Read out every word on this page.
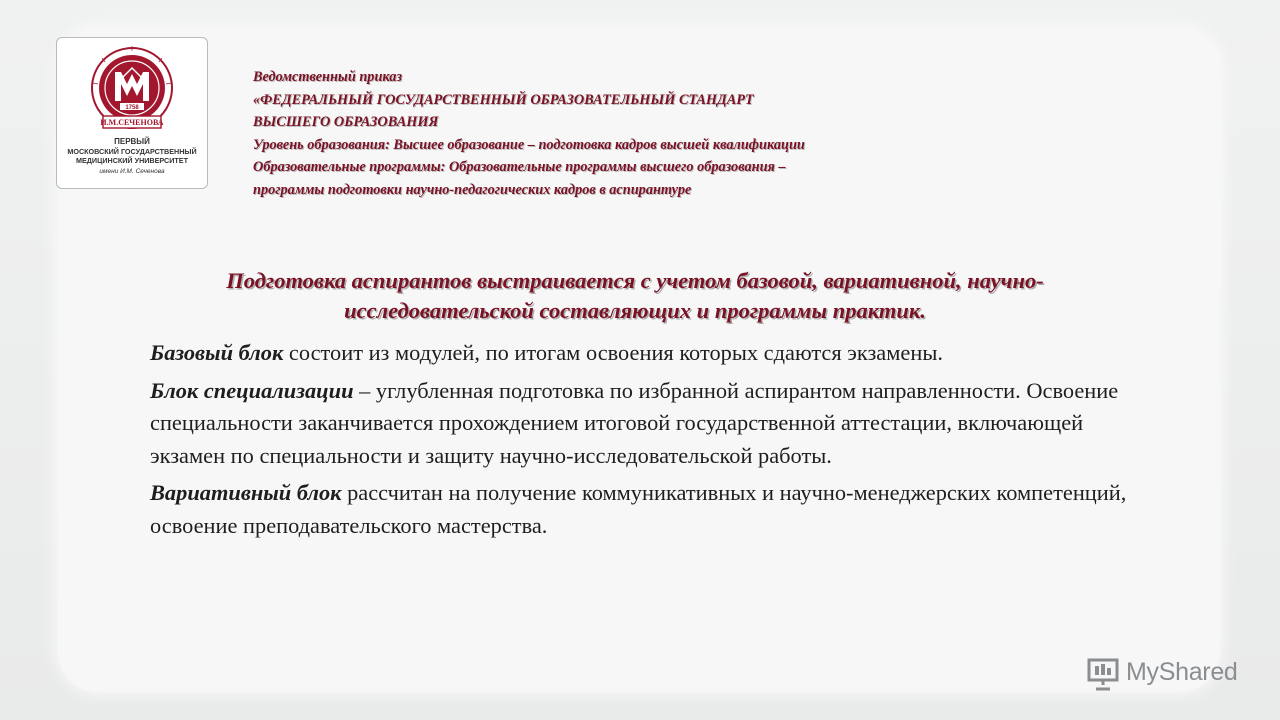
1758
И.М.СЕЧЕНОВА
ПЕРВЫЙ
МОСКОВСКИЙ ГОСУДАРСТВЕННЫЙ
МЕДИЦИНСКИЙ УНИВЕРСИТЕТ
имени И.М. Сеченова
Ведомственный приказ
«ФЕДЕРАЛЬНЫЙ ГОСУДАРСТВЕННЫЙ ОБРАЗОВАТЕЛЬНЫЙ СТАНДАРТ
ВЫСШЕГО ОБРАЗОВАНИЯ
Уровень образования: Высшее образование – подготовка кадров высшей квалификации
Образовательные программы: Образовательные программы высшего образования –
программы подготовки научно-педагогических кадров в аспирантуре
Подготовка аспирантов выстраивается с учетом базовой, вариативной, научно-
исследовательской составляющих и программы практик.

Базовый блок состоит из модулей, по итогам освоения которых сдаются экзамены.

Блок специализации – углубленная подготовка по избранной аспирантом направленности. Освоение специальности заканчивается прохождением итоговой государственной аттестации, включающей экзамен по специальности и защиту научно-исследовательской работы.

Вариативный блок рассчитан на получение коммуникативных и научно-менеджерских компетенций, освоение преподавательского мастерства.

MyShared
